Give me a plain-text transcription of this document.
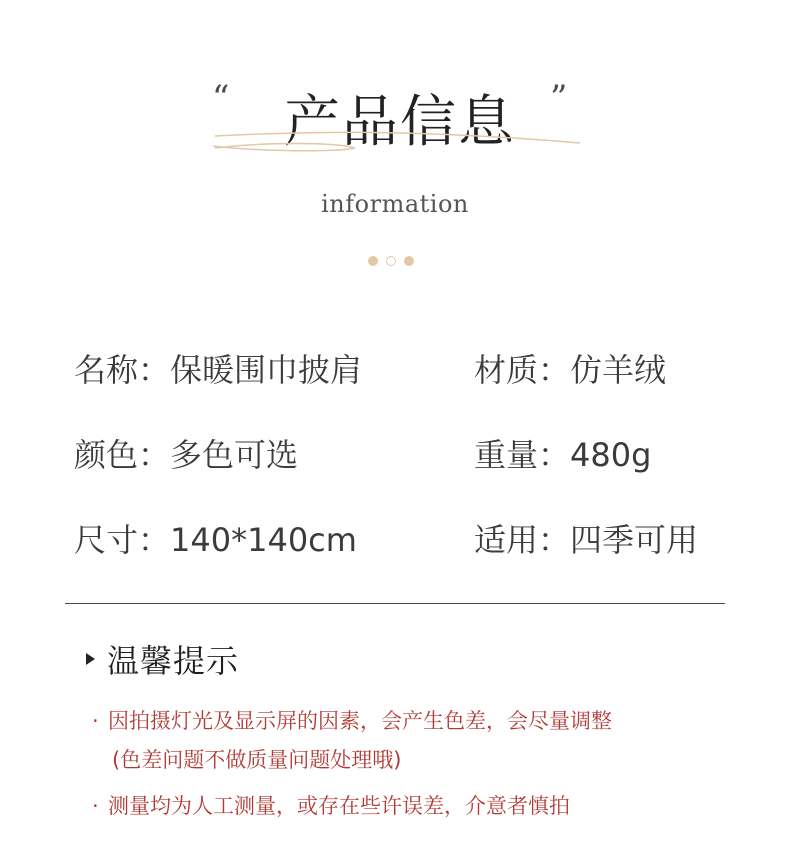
“ 产品信息	”
information
名称：保暖围巾披肩	材质：仿羊绒
颜色：多色可选	重量：480g
尺寸：140*140cm	适用：四季可用
温馨提示
· 因拍摄灯光及显示屏的因素，会产生色差，会尽量调整
(色差问题不做质量问题处理哦)
· 测量均为人工测量，或存在些许误差，介意者慎拍
